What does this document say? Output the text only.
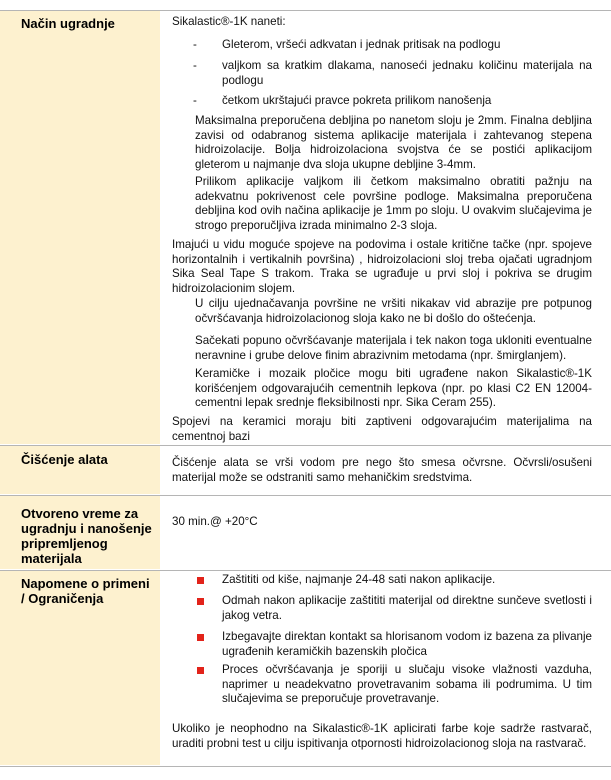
Način ugradnje	Sikalastic®-1K naneti:
- Gleterom, vršeći adkvatan i jednak pritisak na podlogu
- valjkom sa kratkim dlakama, nanoseći jednaku količinu materijala na podlogu
- četkom ukrštajući pravce pokreta prilikom nanošenja
Maksimalna preporučena debljina po nanetom sloju je 2mm. Finalna debljina zavisi od odabranog sistema aplikacije materijala i zahtevanog stepena hidroizolacije. Bolja hidroizolaciona svojstva će se postići aplikacijom gleterom u najmanje dva sloja ukupne debljine 3-4mm.
Prilikom aplikacije valjkom ili četkom maksimalno obratiti pažnju na adekvatnu pokrivenost cele površine podloge. Maksimalna preporučena debljina kod ovih načina aplikacije je 1mm po sloju. U ovakvim slučajevima je strogo preporučljiva izrada minimalno 2-3 sloja.
Imajući u vidu moguće spojeve na podovima i ostale kritične tačke (npr. spojeve horizontalnih i vertikalnih površina) , hidroizolacioni sloj treba ojačati ugradnjom Sika Seal Tape S trakom. Traka se ugrađuje u prvi sloj i pokriva se drugim hidroizolacionim slojem.
U cilju ujednačavanja površine ne vršiti nikakav vid abrazije pre potpunog očvršćavanja hidroizolacionog sloja kako ne bi došlo do oštećenja.
Sačekati popuno očvršćavanje materijala i tek nakon toga ukloniti eventualne neravnine i grube delove finim abrazivnim metodama (npr. šmirglanjem).
Keramičke i mozaik pločice mogu biti ugrađene nakon Sikalastic®-1K korišćenjem odgovarajućih cementnih lepkova (npr. po klasi C2 EN 12004-cementni lepak srednje fleksibilnosti npr. Sika Ceram 255).
Spojevi na keramici moraju biti zaptiveni odgovarajućim materijalima na cementnoj bazi
Čišćenje alata	Čišćenje alata se vrši vodom pre nego što smesa očvrsne. Očvrsli/osušeni materijal može se odstraniti samo mehaničkim sredstvima.
Otvoreno vreme za ugradnju i nanošenje pripremljenog materijala
30 min.@ +20°C
Napomene o primeni / Ograničenja
Zaštititi od kiše, najmanje 24-48 sati nakon aplikacije.
Odmah nakon aplikacije zaštititi materijal od direktne sunčeve svetlosti i jakog vetra.
Izbegavajte direktan kontakt sa hlorisanom vodom iz bazena za plivanje ugrađenih keramičkih bazenskih pločica
Proces očvršćavanja je sporiji u slučaju visoke vlažnosti vazduha, naprimer u neadekvatno provetravanim sobama ili podrumima. U tim slučajevima se preporučuje provetravanje.
Ukoliko je neophodno na Sikalastic®-1K aplicirati farbe koje sadrže rastvarač, uraditi probni test u cilju ispitivanja otpornosti hidroizolacionog sloja na rastvarač.
